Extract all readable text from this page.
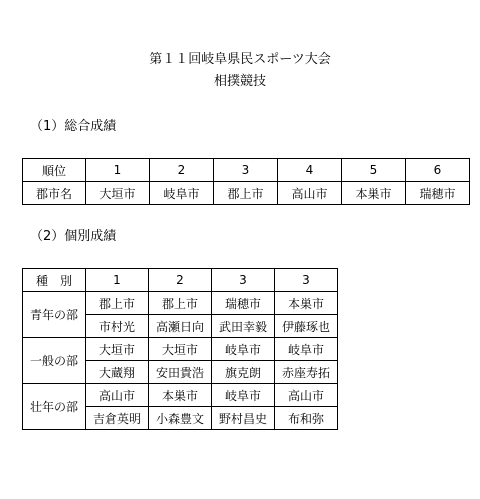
第１１回岐阜県民スポーツ大会
相撲競技
（1）総合成績
順位	1	2	3	4	5	6
郡市名	大垣市	岐阜市	郡上市	高山市	本巣市	瑞穂市
（2）個別成績
種　別	1	2	3	3
青年の部	郡上市	郡上市	瑞穂市	本巣市
	市村光	高瀬日向	武田幸毅	伊藤琢也
一般の部	大垣市	大垣市	岐阜市	岐阜市
	大蔵翔	安田貴浩	旗克朗	赤座寿拓
壮年の部	高山市	本巣市	岐阜市	高山市
	吉倉英明	小森豊文	野村昌史	布和弥
